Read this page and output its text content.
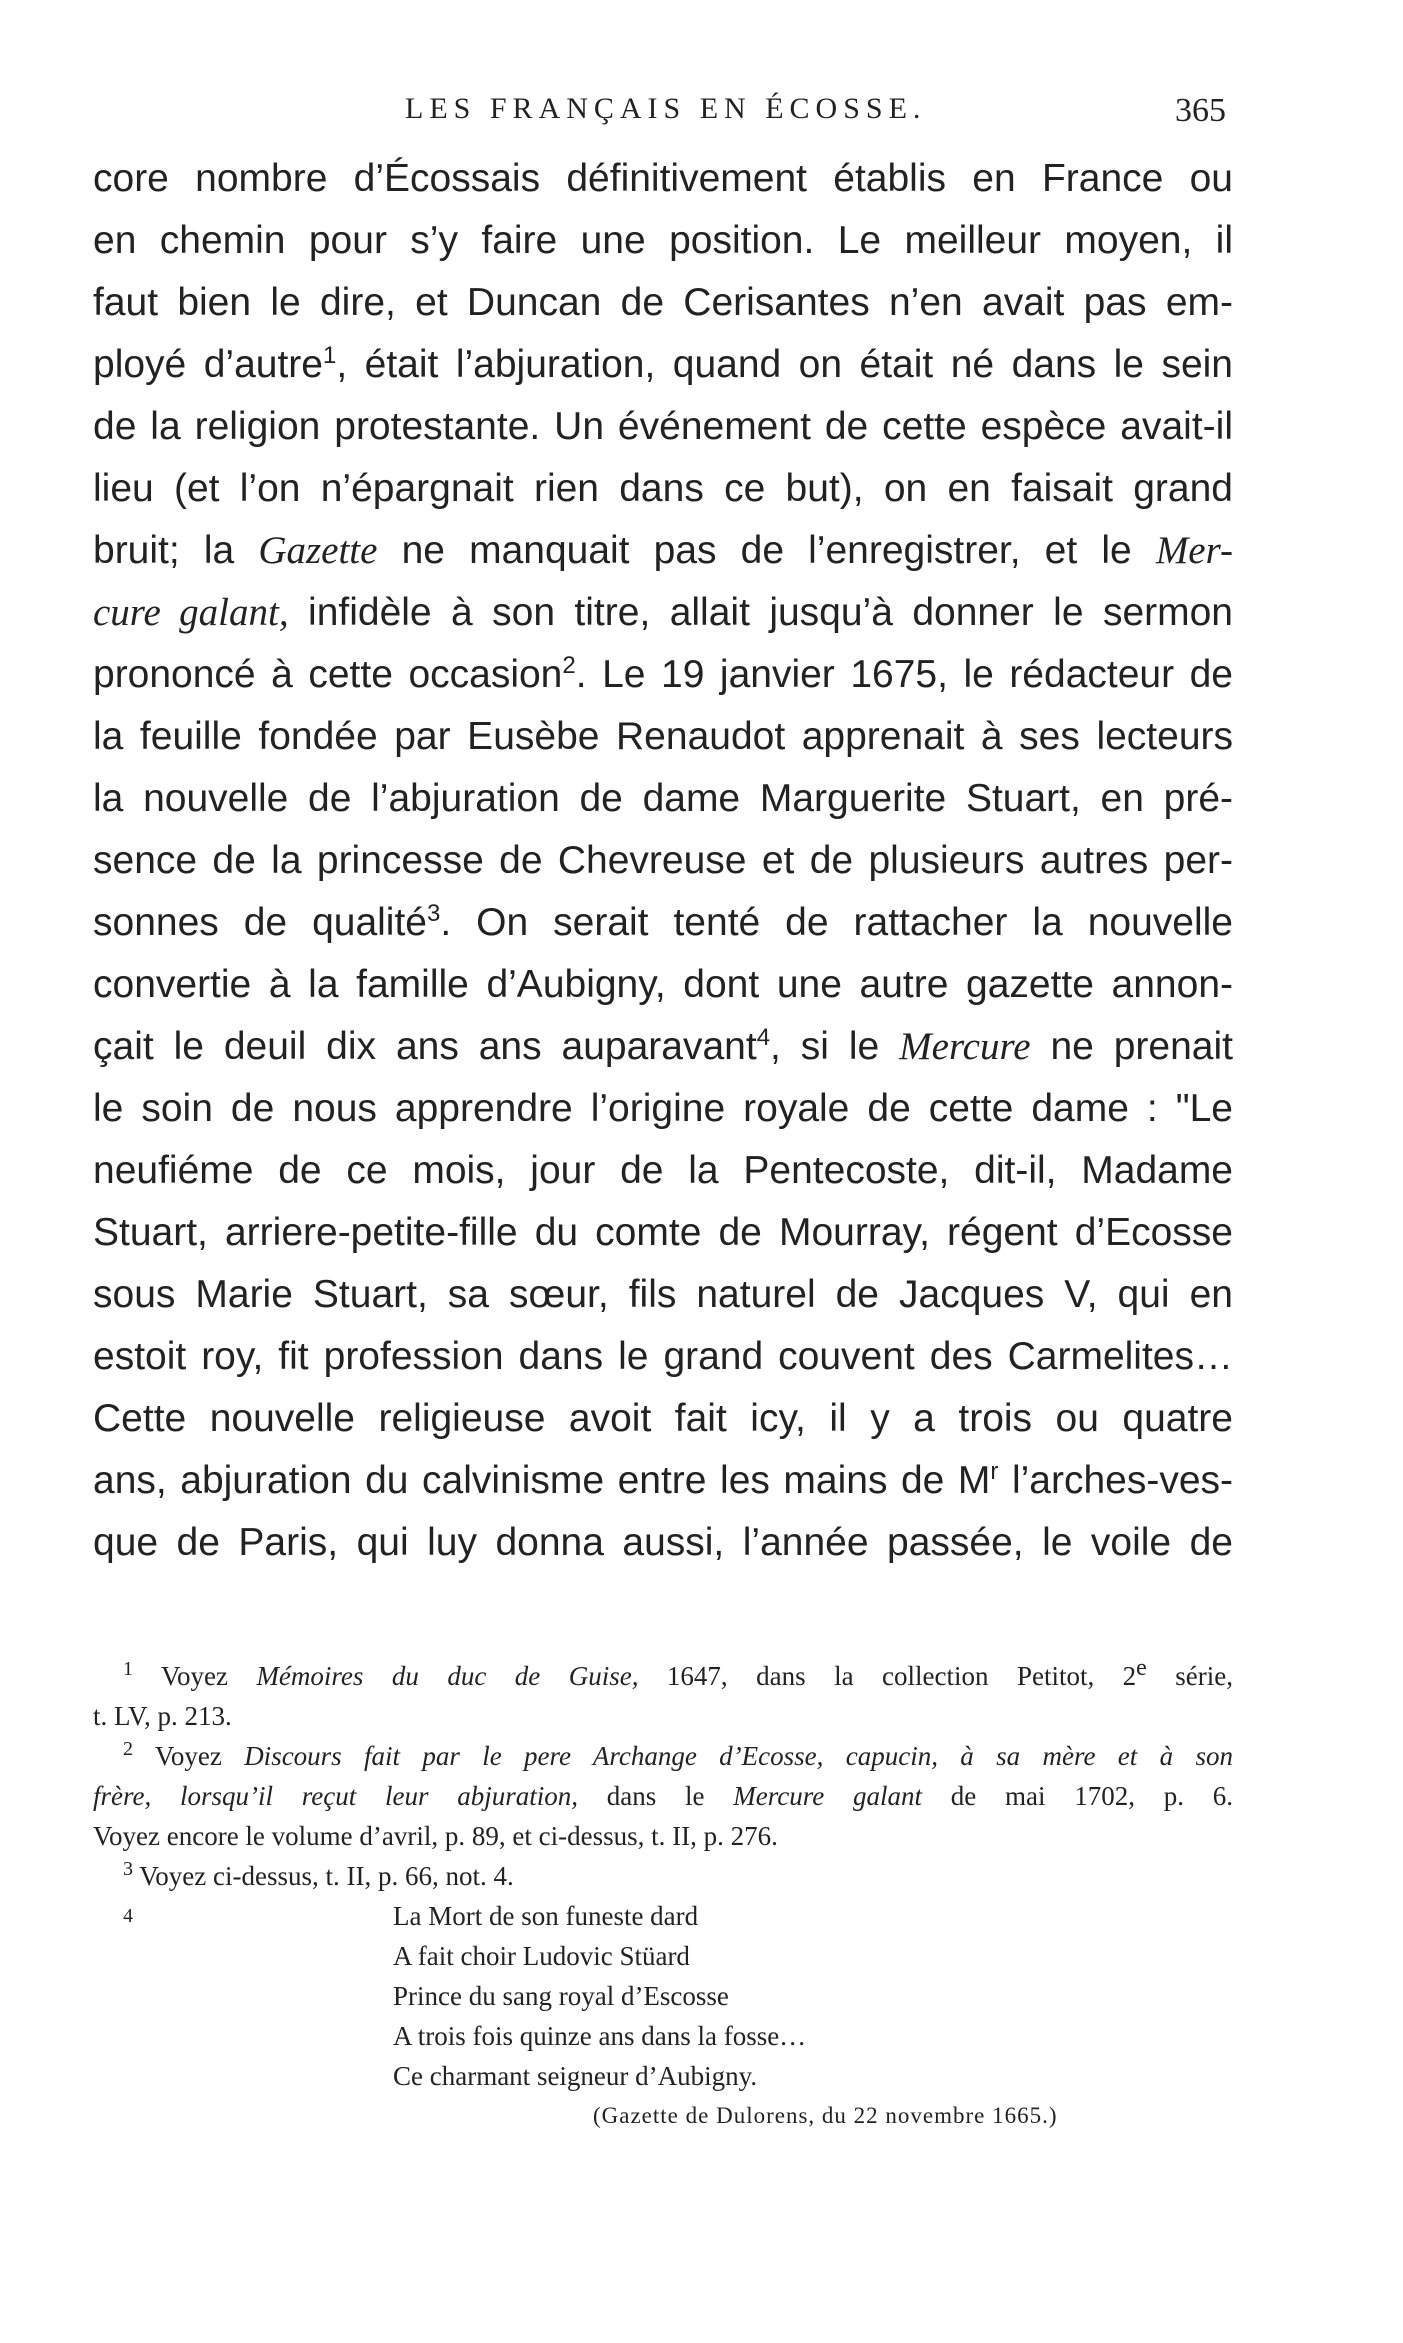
LES FRANÇAIS EN ÉCOSSE.	365
core nombre d’Écossais définitivement établis en France ou
en chemin pour s’y faire une position. Le meilleur moyen, il
faut bien le dire, et Duncan de Cerisantes n’en avait pas em-
ployé d’autre$^1$, était l’abjuration, quand on était né dans le sein
de la religion protestante. Un événement de cette espèce avait-il
lieu (et l’on n’épargnait rien dans ce but), on en faisait grand
bruit; la Gazette ne manquait pas de l’enregistrer, et le Mer-
cure galant, infidèle à son titre, allait jusqu’à donner le sermon
prononcé à cette occasion$^2$. Le 19 janvier 1675, le rédacteur de
la feuille fondée par Eusèbe Renaudot apprenait à ses lecteurs
la nouvelle de l’abjuration de dame Marguerite Stuart, en pré-
sence de la princesse de Chevreuse et de plusieurs autres per-
sonnes de qualité$^3$. On serait tenté de rattacher la nouvelle
convertie à la famille d’Aubigny, dont une autre gazette annon-
çait le deuil dix ans ans auparavant$^4$, si le Mercure ne prenait
le soin de nous apprendre l’origine royale de cette dame : "Le
neufiéme de ce mois, jour de la Pentecoste, dit-il, Madame
Stuart, arriere-petite-fille du comte de Mourray, régent d’Ecosse
sous Marie Stuart, sa sœur, fils naturel de Jacques V, qui en
estoit roy, fit profession dans le grand couvent des Carmelites…
Cette nouvelle religieuse avoit fait icy, il y a trois ou quatre
ans, abjuration du calvinisme entre les mains de $M^r$ l’arches-ves-
que de Paris, qui luy donna aussi, l’année passée, le voile de
$^1$ Voyez Mémoires du duc de Guise, 1647, dans la collection Petitot, 2e série,
t. LV, p. 213.
$^2$ Voyez Discours fait par le pere Archange d’Ecosse, capucin, à sa mère et à son
frère, lorsqu’il reçut leur abjuration, dans le Mercure galant de mai 1702, p. 6.
Voyez encore le volume d’avril, p. 89, et ci-dessus, t. II, p. 276.
$^3$ Voyez ci-dessus, t. II, p. 66, not. 4.
4	La Mort de son funeste dard
A fait choir Ludovic Stüard
Prince du sang royal d’Escosse
A trois fois quinze ans dans la fosse…
Ce charmant seigneur d’Aubigny.
(Gazette de Dulorens, du 22 novembre 1665.)
